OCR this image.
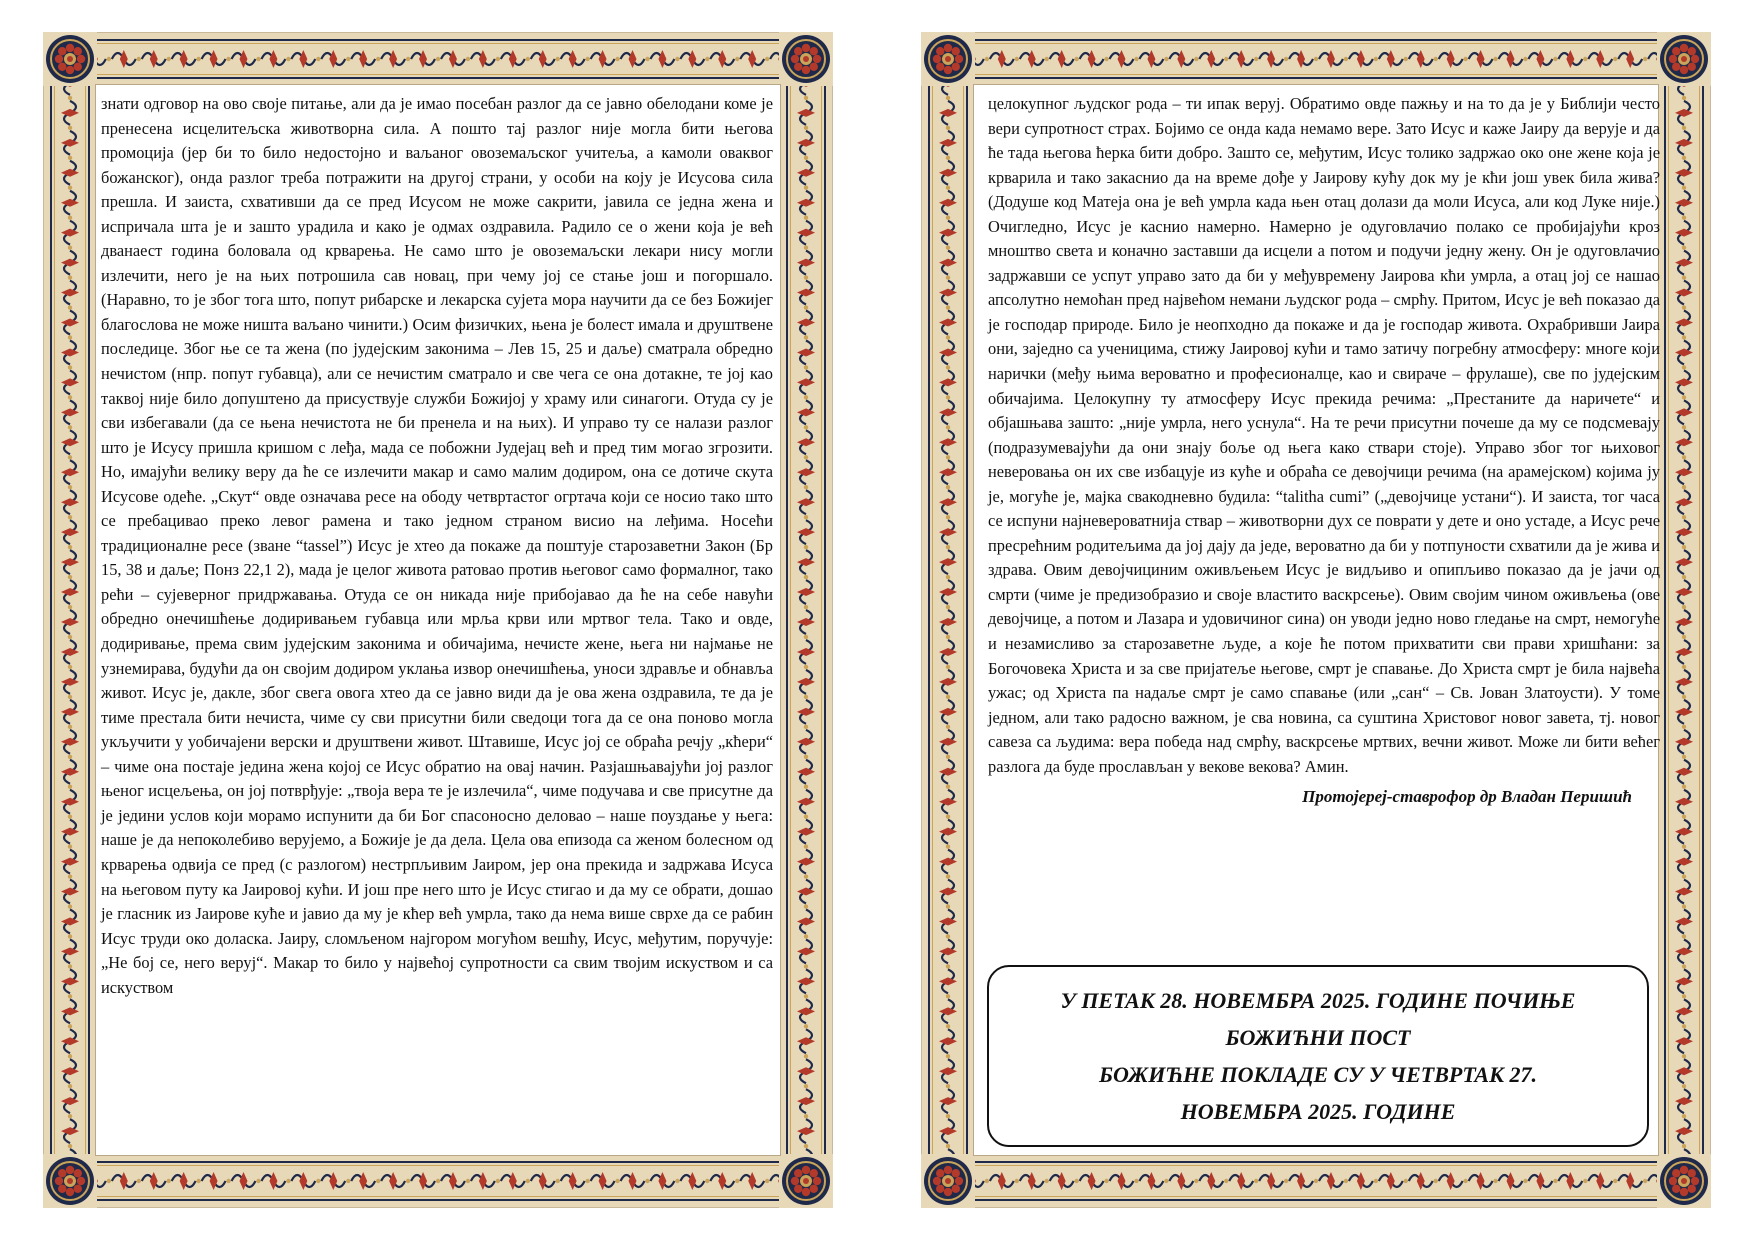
знати одговор на ово своје питање, али да је имао посебан разлог да се јавно обелодани коме је пренесена исцелитељска животворна сила. А пошто тај разлог није могла бити његова промоција (јер би то било недостојно и ваљаног овоземаљског учитеља, а камоли оваквог божанског), онда разлог треба потражити на другој страни, у особи на коју је Исусова сила прешла. И заиста, схвативши да се пред Исусом не може сакрити, јавила се једна жена и испричала шта је и зашто урадила и како је одмах оздравила. Радило се о жени која је већ дванаест година боловала од крварења. Не само што је овоземаљски лекари нису могли излечити, него је на њих потрошила сав новац, при чему јој се стање још и погоршало. (Наравно, то је због тога што, попут рибарске и лекарска сујета мора научити да се без Божијег благослова не може ништа ваљано чинити.) Осим физичких, њена је болест имала и друштвене последице. Због ње се та жена (по јудејским законима – Лев 15, 25 и даље) сматрала обредно нечистом (нпр. попут губавца), али се нечистим сматрало и све чега се она дотакне, те јој као таквој није било допуштено да присуствује служби Божијој у храму или синагоги. Отуда су је сви избегавали (да се њена нечистота не би пренела и на њих). И управо ту се налази разлог што је Исусу пришла кришом с леђа, мада се побожни Јудејац већ и пред тим могао згрозити. Но, имајући велику веру да ће се излечити макар и само малим додиром, она се дотиче скута Исусове одеће. „Скут“ овде означава ресе на ободу четвртастог огртача који се носио тако што се пребацивао преко левог рамена и тако једном страном висио на леђима. Носећи традиционалне ресе (зване “tassel”) Исус је хтео да покаже да поштује старозаветни Закон (Бр 15, 38 и даље; Понз 22,1 2), мада је целог живота ратовао против његовог само формалног, тако рећи – сујеверног придржавања. Отуда се он никада није прибојавао да ће на себе навући обредно онечишћење додиривањем губавца или мрља крви или мртвог тела. Тако и овде, додиривање, према свим јудејским законима и обичајима, нечисте жене, њега ни најмање не узнемирава, будући да он својим додиром уклања извор онечишћења, уноси здравље и обнавља живот. Исус је, дакле, због свега овога хтео да се јавно види да је ова жена оздравила, те да је тиме престала бити нечиста, чиме су сви присутни били сведоци тога да се она поново могла укључити у уобичајени верски и друштвени живот. Штавише, Исус јој се обраћа речју „кћери“ – чиме она постаје једина жена којој се Исус обратио на овај начин. Разјашњавајући јој разлог њеног исцељења, он јој потврђује: „твоја вера те је излечила“, чиме подучава и све присутне да је једини услов који морамо испунити да би Бог спасоносно деловао – наше поуздање у њега: наше је да непоколебиво верујемо, а Божије је да дела. Цела ова епизода са женом болесном од крварења одвија се пред (с разлогом) нестрпљивим Јаиром, јер она прекида и задржава Исуса на његовом путу ка Јаировој кући. И још пре него што је Исус стигао и да му се обрати, дошао је гласник из Јаирове куће и јавио да му је кћер већ умрла, тако да нема више сврхе да се рабин Исус труди око доласка. Јаиру, сломљеном најгором могућом вешћу, Исус, међутим, поручује: „Не бој се, него веруј“. Макар то било у највећој супротности са свим твојим искуством и са искуством

целокупног људског рода – ти ипак веруј. Обратимо овде пажњу и на то да је у Библији често вери супротност страх. Бојимо се онда када немамо вере. Зато Исус и каже Јаиру да верује и да ће тада његова ћерка бити добро. Зашто се, међутим, Исус толико задржао око оне жене која је крварила и тако закаснио да на време дође у Јаирову кућу док му је кћи још увек била жива? (Додуше код Матеја она је већ умрла када њен отац долази да моли Исуса, али код Луке није.) Очигледно, Исус је каснио намерно. Намерно је одуговлачио полако се пробијајући кроз мноштво света и коначно заставши да исцели а потом и подучи једну жену. Он је одуговлачио задржавши се успут управо зато да би у међувремену Јаирова кћи умрла, а отац јој се нашао апсолутно немоћан пред највећом немани људског рода – смрћу. Притом, Исус је већ показао да је господар природе. Било је неопходно да покаже и да је господар живота. Охрабривши Јаира они, заједно са ученицима, стижу Јаировој кући и тамо затичу погребну атмосферу: многе који нарички (међу њима вероватно и професионалце, као и свираче – фрулаше), све по јудејским обичајима. Целокупну ту атмосферу Исус прекида речима: „Престаните да наричете“ и објашњава зашто: „није умрла, него уснула“. На те речи присутни почеше да му се подсмевају (подразумевајући да они знају боље од њега како ствари стоје). Управо због тог њиховог неверовања он их све избацује из куће и обраћа се девојчици речима (на арамејском) којима ју је, могуће је, мајка свакодневно будила: “talitha cumi” („девојчице устани“). И заиста, тог часа се испуни најневероватнија ствар – животворни дух се поврати у дете и оно устаде, а Исус рече пресрећним родитељима да јој дају да једе, вероватно да би у потпуности схватили да је жива и здрава. Овим девојчициним оживљењем Исус је видљиво и опипљиво показао да је јачи од смрти (чиме је предизобразио и своје властито васкрсење). Овим својим чином оживљења (ове девојчице, а потом и Лазара и удовичиног сина) он уводи једно ново гледање на смрт, немогуће и незамисливо за старозаветне људе, а које ће потом прихватити сви прави хришћани: за Богочовека Христа и за све пријатеље његове, смрт је спавање. До Христа смрт је била највећа ужас; од Христа па надаље смрт је само спавање (или „сан“ – Св. Јован Златоусти). У томе једном, али тако радосно важном, је сва новина, са суштина Христовог новог завета, тј. новог савеза са људима: вера победа над смрћу, васкрсење мртвих, вечни живот. Може ли бити већег разлога да буде прослављан у векове векова? Амин.

Протојереј-ставрофор др Владан Перишић
У ПЕТАК 28. НОВЕМБРА 2025. ГОДИНЕ ПОЧИЊЕ
БОЖИЋНИ ПОСТ
БОЖИЋНЕ ПОКЛАДЕ СУ У ЧЕТВРТАК 27.
НОВЕМБРА 2025. ГОДИНЕ
